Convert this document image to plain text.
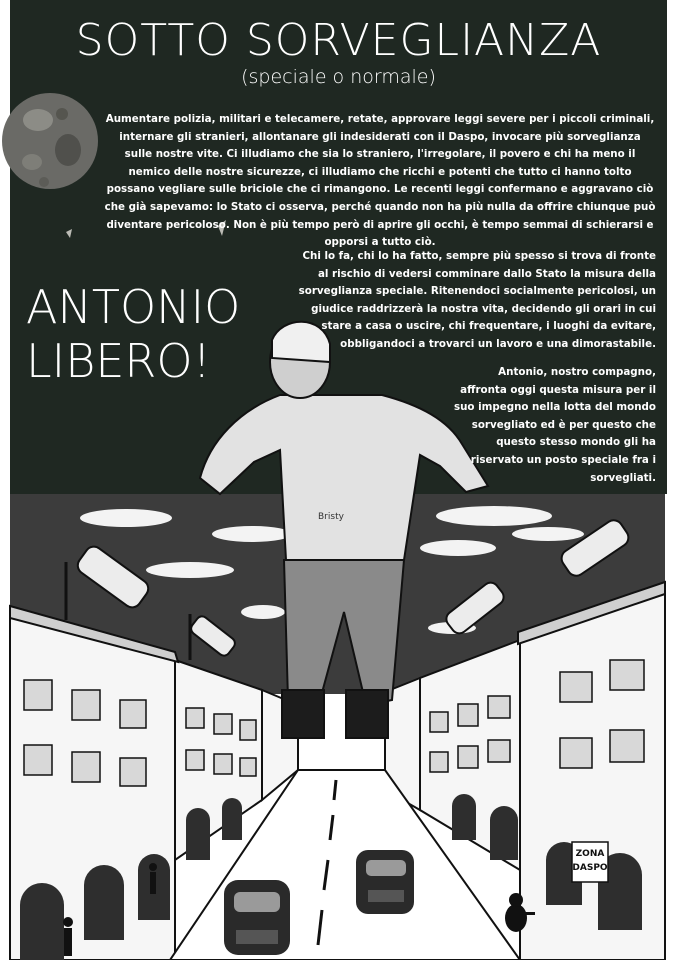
ZONA
DASPO
Bristy
SOTTO SORVEGLIANZA
(speciale o normale)

Aumentare polizia, militari e telecamere, retate, approvare leggi severe per i piccoli criminali, internare gli stranieri, allontanare gli indesiderati con il Daspo, invocare più sorveglianza sulle nostre vite. Ci illudiamo che sia lo straniero, l'irregolare, il povero e chi ha meno il nemico delle nostre sicurezze, ci illudiamo che ricchi e potenti che tutto ci hanno tolto possano vegliare sulle briciole che ci rimangono. Le recenti leggi confermano e aggravano ciò che già sapevamo: lo Stato ci osserva, perché quando non ha più nulla da offrire chiunque può diventare pericoloso. Non è più tempo però di aprire gli occhi, è tempo semmai di schierarsi e opporsi a tutto ciò.

Chi lo fa, chi lo ha fatto, sempre più spesso si trova di fronte al rischio di vedersi comminare dallo Stato la misura della sorveglianza speciale. Ritenendoci socialmente pericolosi, un giudice raddrizzerà la nostra vita, decidendo gli orari in cui stare a casa o uscire, chi frequentare, i luoghi da evitare, obbligandoci a trovarci un lavoro e una dimorastabile.

Antonio, nostro compagno, affronta oggi questa misura per il suo impegno nella lotta del mondo sorvegliato ed è per questo che questo stesso mondo gli ha riservato un posto speciale fra i sorvegliati.

ANTONIO
LIBERO!
